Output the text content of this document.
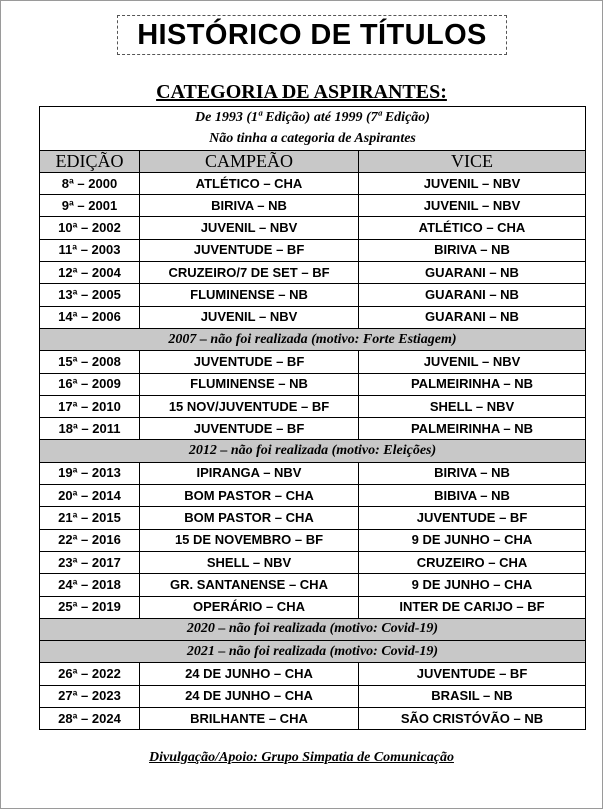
HISTÓRICO DE TÍTULOS
CATEGORIA DE ASPIRANTES:
De 1993 (1ª Edição) até 1999 (7ª Edição)		
Não tinha a categoria de Aspirantes		
EDIÇÃO	CAMPEÃO	VICE
8ª – 2000	ATLÉTICO – CHA	JUVENIL – NBV
9ª – 2001	BIRIVA – NB	JUVENIL – NBV
10ª – 2002	JUVENIL – NBV	ATLÉTICO – CHA
11ª – 2003	JUVENTUDE – BF	BIRIVA – NB
12ª – 2004	CRUZEIRO/7 DE SET – BF	GUARANI – NB
13ª – 2005	FLUMINENSE – NB	GUARANI – NB
14ª – 2006	JUVENIL – NBV	GUARANI – NB
2007 – não foi realizada (motivo: Forte Estiagem)		
15ª – 2008	JUVENTUDE – BF	JUVENIL – NBV
16ª – 2009	FLUMINENSE – NB	PALMEIRINHA – NB
17ª – 2010	15 NOV/JUVENTUDE – BF	SHELL – NBV
18ª – 2011	JUVENTUDE – BF	PALMEIRINHA – NB
2012 – não foi realizada (motivo: Eleições)		
19ª – 2013	IPIRANGA – NBV	BIRIVA – NB
20ª – 2014	BOM PASTOR – CHA	BIBIVA – NB
21ª – 2015	BOM PASTOR – CHA	JUVENTUDE – BF
22ª – 2016	15 DE NOVEMBRO – BF	9 DE JUNHO – CHA
23ª – 2017	SHELL – NBV	CRUZEIRO – CHA
24ª – 2018	GR. SANTANENSE – CHA	9 DE JUNHO – CHA
25ª – 2019	OPERÁRIO – CHA	INTER DE CARIJO – BF
2020 – não foi realizada (motivo: Covid-19)		
2021 – não foi realizada (motivo: Covid-19)		
26ª – 2022	24 DE JUNHO – CHA	JUVENTUDE – BF
27ª – 2023	24 DE JUNHO – CHA	BRASIL – NB
28ª – 2024	BRILHANTE – CHA	SÃO CRISTÓVÃO – NB
Divulgação/Apoio: Grupo Simpatia de Comunicação
